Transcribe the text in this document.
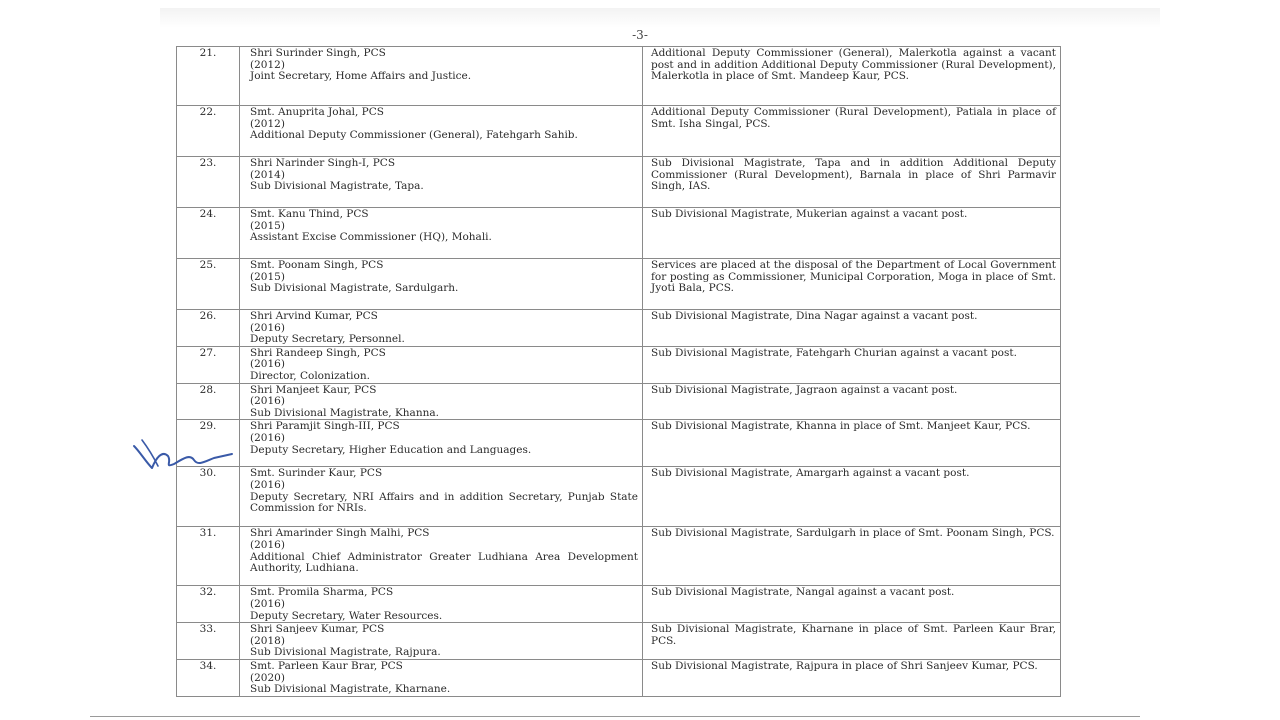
-3-
21.	Shri Surinder Singh, PCS
(2012)
Joint Secretary, Home Affairs and Justice.	Additional Deputy Commissioner (General), Malerkotla against a vacant post and in addition Additional Deputy Commissioner (Rural Development), Malerkotla in place of Smt. Mandeep Kaur, PCS.
22.	Smt. Anuprita Johal, PCS
(2012)
Additional Deputy Commissioner (General), Fatehgarh Sahib.	Additional Deputy Commissioner (Rural Development), Patiala in place of Smt. Isha Singal, PCS.
23.	Shri Narinder Singh-I, PCS
(2014)
Sub Divisional Magistrate, Tapa.	Sub Divisional Magistrate, Tapa and in addition Additional Deputy Commissioner (Rural Development), Barnala in place of Shri Parmavir Singh, IAS.
24.	Smt. Kanu Thind, PCS
(2015)
Assistant Excise Commissioner (HQ), Mohali.	Sub Divisional Magistrate, Mukerian against a vacant post.
25.	Smt. Poonam Singh, PCS
(2015)
Sub Divisional Magistrate, Sardulgarh.	Services are placed at the disposal of the Department of Local Government for posting as Commissioner, Municipal Corporation, Moga in place of Smt. Jyoti Bala, PCS.
26.	Shri Arvind Kumar, PCS
(2016)
Deputy Secretary, Personnel.	Sub Divisional Magistrate, Dina Nagar against a vacant post.
27.	Shri Randeep Singh, PCS
(2016)
Director, Colonization.	Sub Divisional Magistrate, Fatehgarh Churian against a vacant post.
28.	Shri Manjeet Kaur, PCS
(2016)
Sub Divisional Magistrate, Khanna.	Sub Divisional Magistrate, Jagraon against a vacant post.
29.	Shri Paramjit Singh-III, PCS
(2016)
Deputy Secretary, Higher Education and Languages.	Sub Divisional Magistrate, Khanna in place of Smt. Manjeet Kaur, PCS.
30.	Smt. Surinder Kaur, PCS
(2016)
Deputy Secretary, NRI Affairs and in addition Secretary, Punjab State Commission for NRIs.	Sub Divisional Magistrate, Amargarh against a vacant post.
31.	Shri Amarinder Singh Malhi, PCS
(2016)
Additional Chief Administrator Greater Ludhiana Area Development Authority, Ludhiana.	Sub Divisional Magistrate, Sardulgarh in place of Smt. Poonam Singh, PCS.
32.	Smt. Promila Sharma, PCS
(2016)
Deputy Secretary, Water Resources.	Sub Divisional Magistrate, Nangal against a vacant post.
33.	Shri Sanjeev Kumar, PCS
(2018)
Sub Divisional Magistrate, Rajpura.	Sub Divisional Magistrate, Kharnane in place of Smt. Parleen Kaur Brar, PCS.
34.	Smt. Parleen Kaur Brar, PCS
(2020)
Sub Divisional Magistrate, Kharnane.	Sub Divisional Magistrate, Rajpura in place of Shri Sanjeev Kumar, PCS.
